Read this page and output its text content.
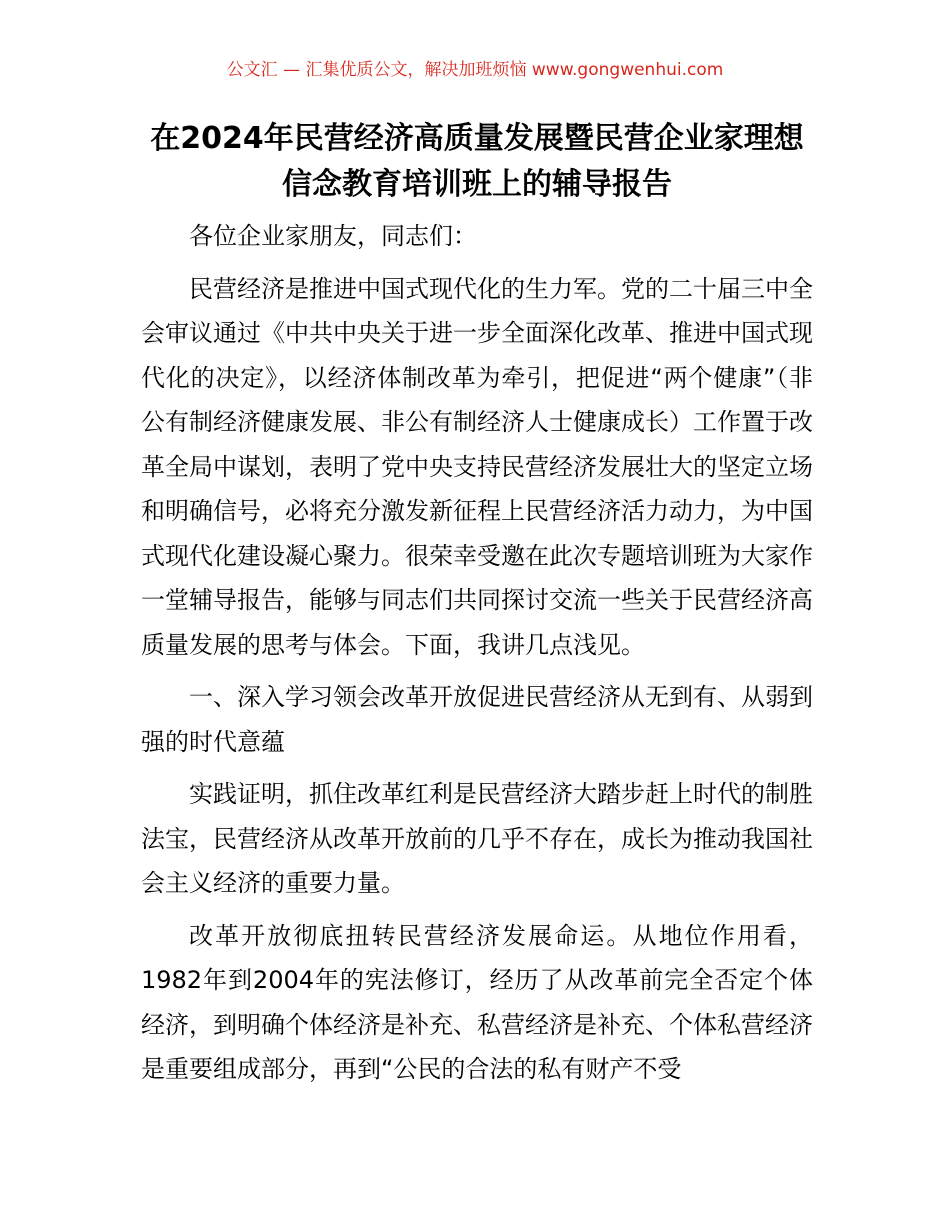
公文汇 — 汇集优质公文，解决加班烦恼 www.gongwenhui.com
在2024年民营经济高质量发展暨民营企业家理想信念教育培训班上的辅导报告

各位企业家朋友，同志们：

民营经济是推进中国式现代化的生力军。党的二十届三中全会审议通过《中共中央关于进一步全面深化改革、推进中国式现代化的决定》，以经济体制改革为牵引，把促进“两个健康”（非公有制经济健康发展、非公有制经济人士健康成长）工作置于改革全局中谋划，表明了党中央支持民营经济发展壮大的坚定立场和明确信号，必将充分激发新征程上民营经济活力动力，为中国式现代化建设凝心聚力。很荣幸受邀在此次专题培训班为大家作一堂辅导报告，能够与同志们共同探讨交流一些关于民营经济高质量发展的思考与体会。下面，我讲几点浅见。

一、深入学习领会改革开放促进民营经济从无到有、从弱到强的时代意蕴

实践证明，抓住改革红利是民营经济大踏步赶上时代的制胜法宝，民营经济从改革开放前的几乎不存在，成长为推动我国社会主义经济的重要力量。

改革开放彻底扭转民营经济发展命运。从地位作用看，1982年到2004年的宪法修订，经历了从改革前完全否定个体经济，到明确个体经济是补充、私营经济是补充、个体私营经济是重要组成部分，再到“公民的合法的私有财产不受
